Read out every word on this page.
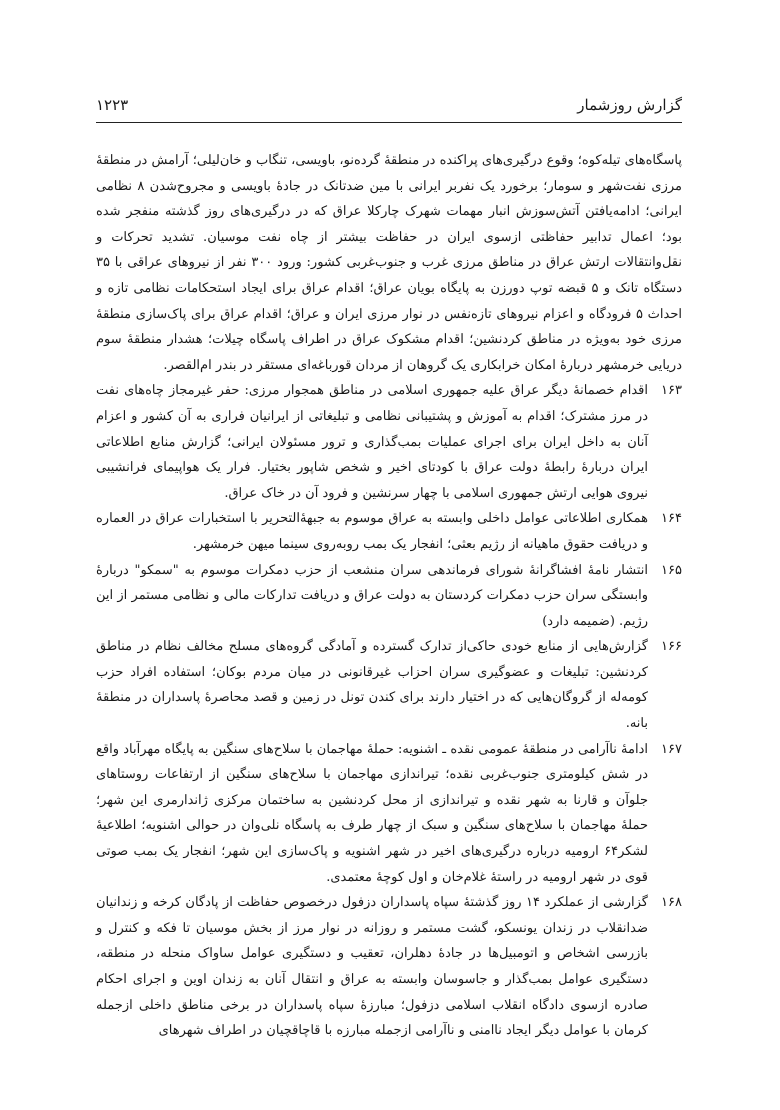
گزارش روزشمار
۱۲۲۳

پاسگاه‌های تیله‌کوه؛ وقوع درگیری‌های پراکنده در منطقۀ گردەنو، باویسی، تنگاب و خان‌لیلی؛ آرامش در منطقۀ مرزی نفت‌شهر و سومار؛ برخورد یک نفربر ایرانی با مین ضدتانک در جادۀ باویسی و مجروح‌شدن ۸ نظامی ایرانی؛ ادامه‌یافتن آتش‌سوزش انبار مهمات شهرک چارکلا عراق که در درگیری‌های روز گذشته منفجر شده بود؛ اعمال تدابیر حفاظتی ازسوی ایران در حفاظت بیشتر از چاه نفت موسیان. تشدید تحرکات و نقل‌وانتقالات ارتش عراق در مناطق مرزی غرب و جنوب‌غربی کشور: ورود ۳۰۰ نفر از نیروهای عراقی با ۳۵ دستگاه تانک و ۵ قبضه توپ دورزن به پایگاه بویان عراق؛ اقدام عراق برای ایجاد استحکامات نظامی تازه و احداث ۵ فرودگاه و اعزام نیروهای تازەنفس در نوار مرزی ایران و عراق؛ اقدام عراق برای پاک‌سازی منطقۀ مرزی خود به‌ویژه در مناطق کردنشین؛ اقدام مشکوک عراق در اطراف پاسگاه چیلات؛ هشدار منطقۀ سوم دریایی خرمشهر دربارۀ امکان خرابکاری یک گروهان از مردان قورباغه‌ای مستقر در بندر ام‌القصر.

۱۶۳

اقدام خصمانۀ دیگر عراق علیه جمهوری اسلامی در مناطق همجوار مرزی: حفر غیرمجاز چاه‌های نفت در مرز مشترک؛ اقدام به آموزش و پشتیبانی نظامی و تبلیغاتی از ایرانیان فراری به آن کشور و اعزام آنان به داخل ایران برای اجرای عملیات بمب‌گذاری و ترور مسئولان ایرانی؛ گزارش منابع اطلاعاتی ایران دربارۀ رابطۀ دولت عراق با کودتای اخیر و شخص شاپور بختیار. فرار یک هواپیمای فرانشیبی نیروی هوایی ارتش جمهوری اسلامی با چهار سرنشین و فرود آن در خاک عراق.

۱۶۴

همکاری اطلاعاتی عوامل داخلی وابسته به عراق موسوم به جبهۀالتحریر با استخبارات عراق در العماره و دریافت حقوق ماهیانه از رژیم بعثی؛ انفجار یک بمب روبه‌روی سینما میهن خرمشهر.

۱۶۵

انتشار نامۀ افشاگرانۀ شورای فرماندهی سران منشعب از حزب دمکرات موسوم به "سمکو" دربارۀ وابستگی سران حزب دمکرات کردستان به دولت عراق و دریافت تدارکات مالی و نظامی مستمر از این رژیم. (ضمیمه دارد)

۱۶۶

گزارش‌هایی از منابع خودی حاکی‌از تدارک گسترده و آمادگی گروه‌های مسلح مخالف نظام در مناطق کردنشین: تبلیغات و عضوگیری سران احزاب غیرقانونی در میان مردم بوکان؛ استفاده افراد حزب کومەله از گروگان‌هایی که در اختیار دارند برای کندن تونل در زمین و قصد محاصرۀ پاسداران در منطقۀ بانه.

۱۶۷

ادامۀ ناآرامی در منطقۀ عمومی نقده ـ اشنویه: حملۀ مهاجمان با سلاح‌های سنگین به پایگاه مهرآباد واقع در شش کیلومتری جنوب‌غربی نقده؛ تیراندازی مهاجمان با سلاح‌های سنگین از ارتفاعات روستاهای جلوآن و قارنا به شهر نقده و تیراندازی از محل کردنشین به ساختمان مرکزی ژاندارمری این شهر؛ حملۀ مهاجمان با سلاح‌های سنگین و سبک از چهار طرف به پاسگاه نلی‌وان در حوالی اشنویه؛ اطلاعیۀ لشکر۶۴ ارومیه درباره درگیری‌های اخیر در شهر اشنویه و پاک‌سازی این شهر؛ انفجار یک بمب صوتی قوی در شهر ارومیه در راستۀ غلام‌خان و اول کوچۀ معتمدی.

۱۶۸

گزارشی از عملکرد ۱۴ روز گذشتۀ سپاه پاسداران دزفول درخصوص حفاظت از پادگان کرخه و زندانیان ضدانقلاب در زندان یونسکو، گشت مستمر و روزانه در نوار مرز از بخش موسیان تا فکه و کنترل و بازرسی اشخاص و اتومبیل‌ها در جادۀ دهلران، تعقیب و دستگیری عوامل ساواک منحله در منطقه، دستگیری عوامل بمب‌گذار و جاسوسان وابسته به عراق و انتقال آنان به زندان اوین و اجرای احکام صادره ازسوی دادگاه انقلاب اسلامی دزفول؛ مبارزۀ سپاه پاسداران در برخی مناطق داخلی ازجمله کرمان با عوامل دیگر ایجاد ناامنی و ناآرامی ازجمله مبارزه با قاچاقچیان در اطراف شهرهای
